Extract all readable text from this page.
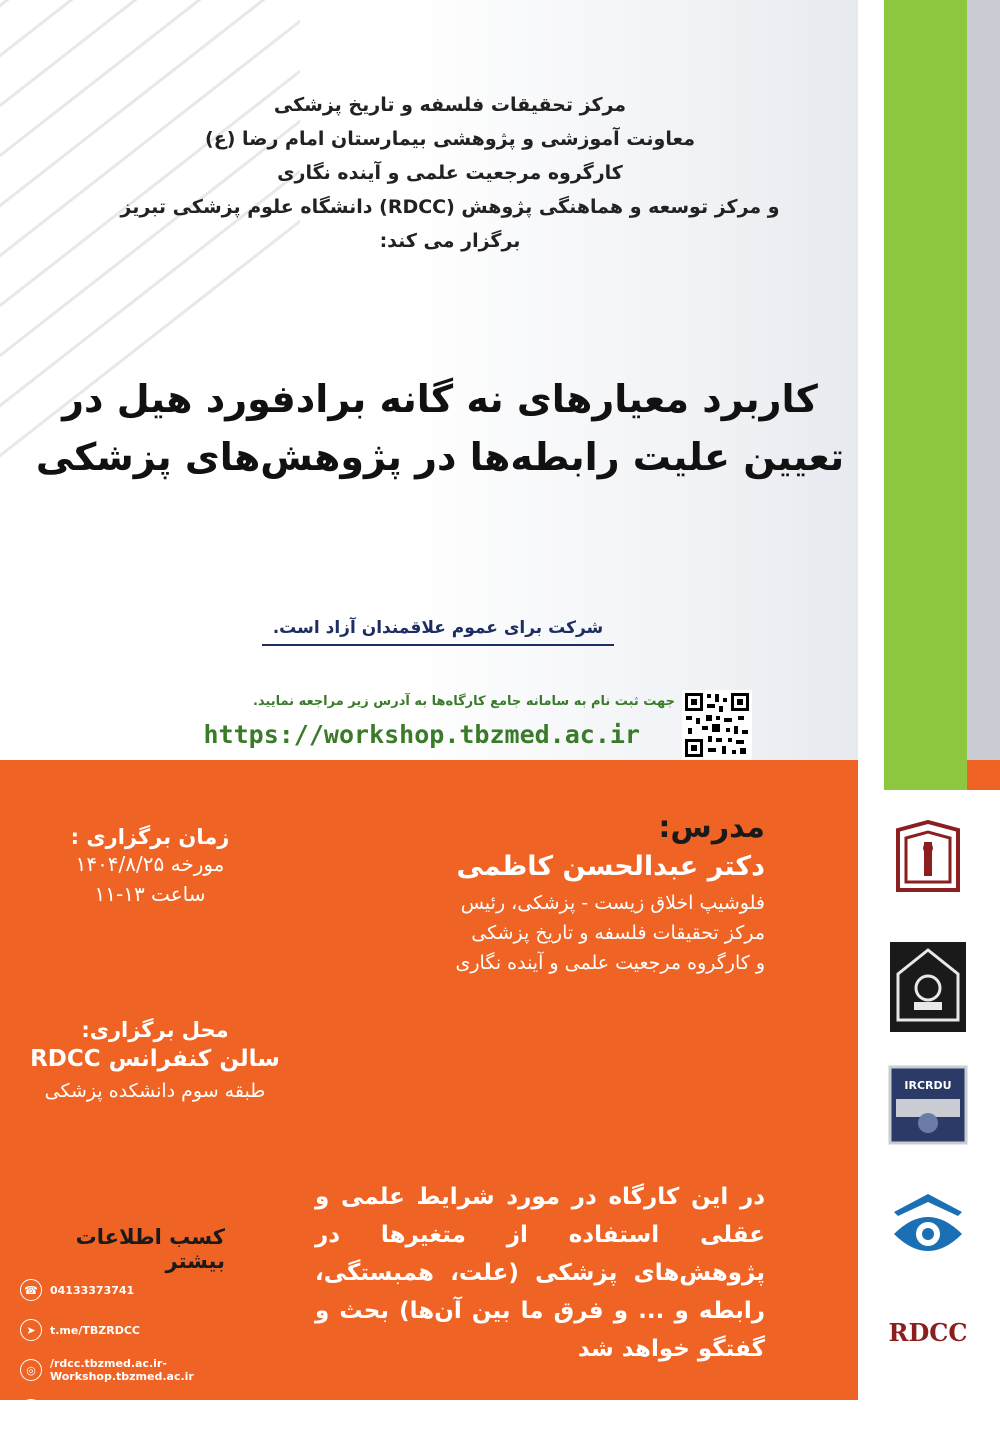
مرکز تحقیقات فلسفه و تاریخ پزشکی
معاونت آموزشی و پژوهشی بیمارستان امام رضا (ع)
کارگروه مرجعیت علمی و آینده نگاری
و مرکز توسعه و هماهنگی پژوهش (RDCC) دانشگاه علوم پزشکی تبریز
برگزار می کند:
کاربرد معیارهای نه گانه برادفورد هیل در
تعیین علیت رابطه‌ها در پژوهش‌های پزشکی
شرکت برای عموم علاقمندان آزاد است.
جهت ثبت نام به سامانه جامع کارگاه‌ها به آدرس زیر مراجعه نمایید.
https://workshop.tbzmed.ac.ir
مدرس:
دکتر عبدالحسن کاظمی
فلوشیپ اخلاق زیست - پزشکی، رئیس
مرکز تحقیقات فلسفه و تاریخ پزشکی
و کارگروه مرجعیت علمی و آینده نگاری
زمان برگزاری :
مورخه ۱۴۰۴/۸/۲۵
ساعت ۱۳-۱۱
محل برگزاری:
سالن کنفرانس RDCC
طبقه سوم دانشکده پزشکی
در این کارگاه در مورد شرایط علمی و عقلی استفاده از متغیرها در پژوهش‌های پزشکی (علت، همبستگی، رابطه و ... و فرق ما بین آن‌ها) بحث و گفتگو خواهد شد
کسب اطلاعات بیشتر
☎	04133373741
➤	t.me/TBZRDCC
◎	/rdcc.tbzmed.ac.ir-Workshop.tbzmed.ac.ir
◉	rdcc.tbzmed
IRCRDU
RDCC
